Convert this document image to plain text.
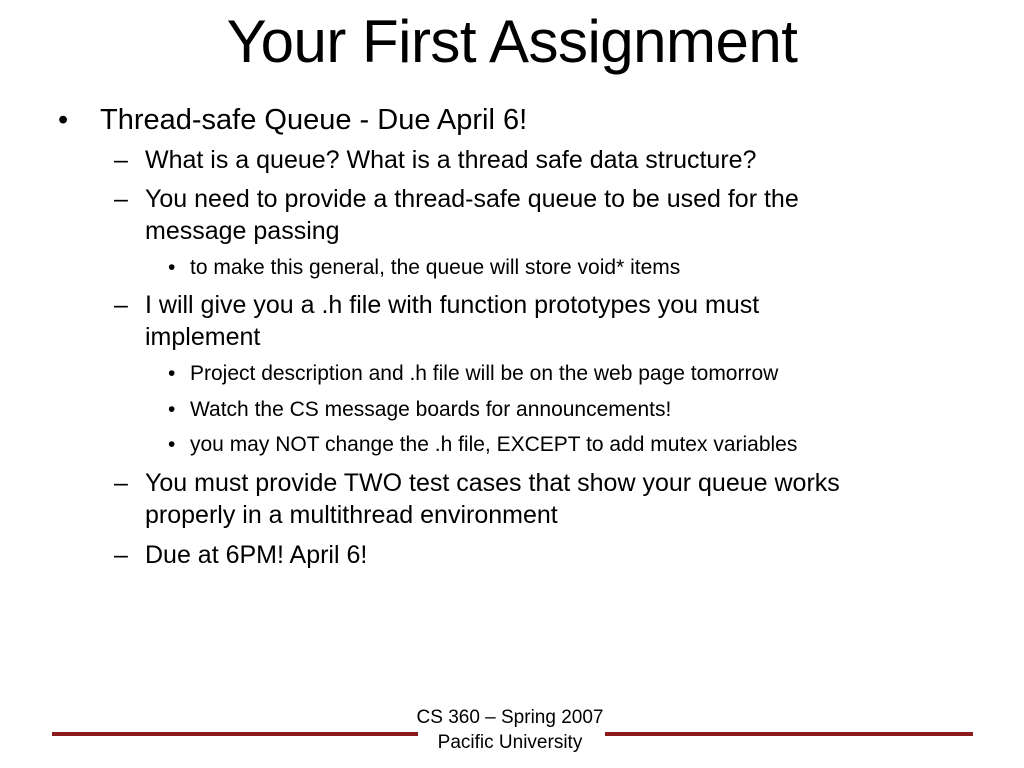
Your First Assignment
• Thread-safe Queue - Due April 6!
– What is a queue? What is a thread safe data structure?
– You need to provide a thread-safe queue to be used for the
message passing
• to make this general, the queue will store void* items
– I will give you a .h file with function prototypes you must
implement
• Project description and .h file will be on the web page tomorrow
• Watch the CS message boards for announcements!
• you may NOT change the .h file, EXCEPT to add mutex variables
– You must provide TWO test cases that show your queue works
properly in a multithread environment
– Due at 6PM! April 6!
CS 360 – Spring 2007
Pacific University
